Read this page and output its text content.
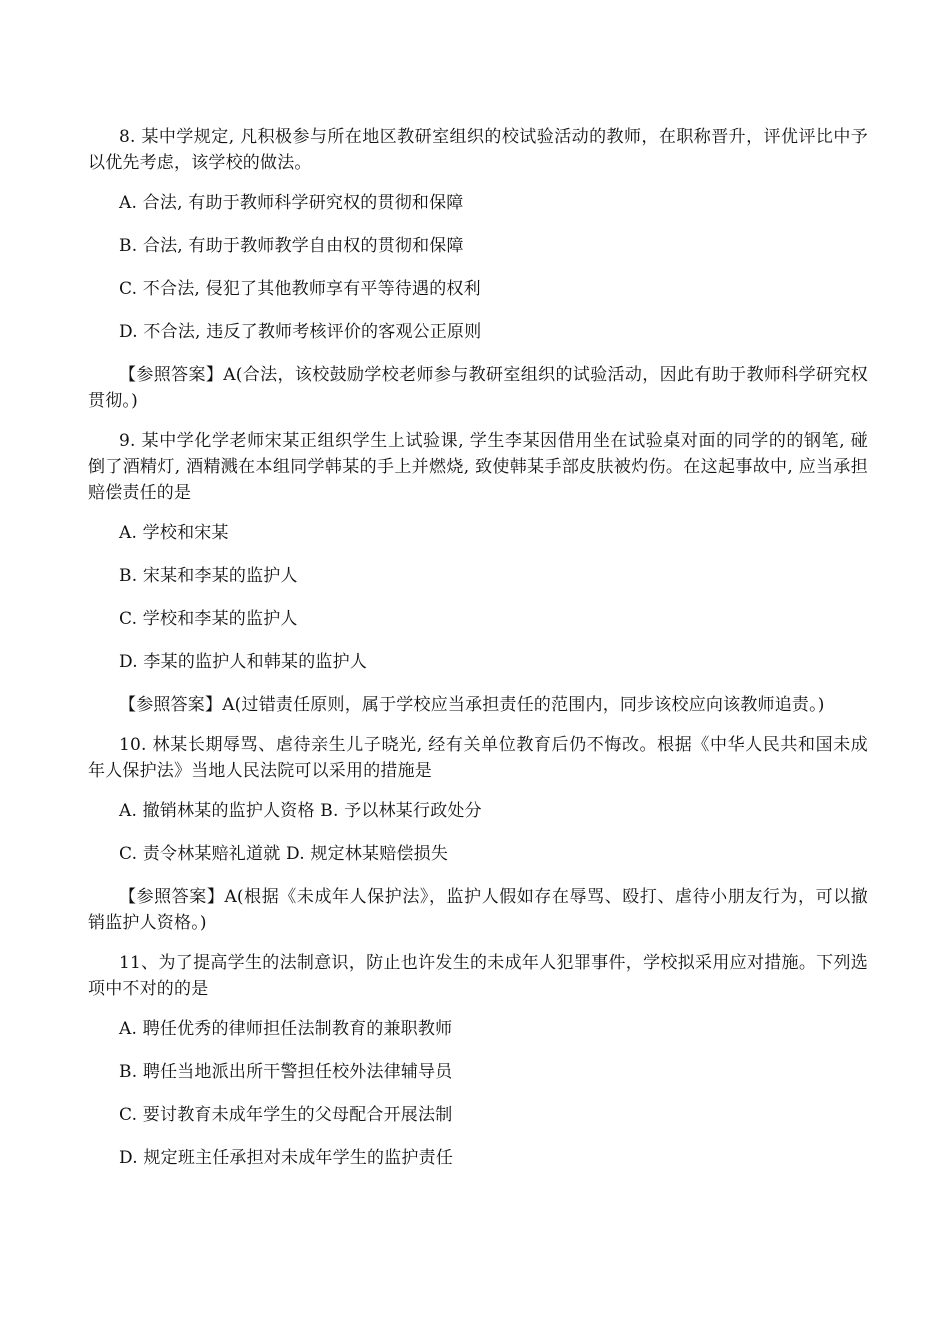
8. 某中学规定, 凡积极参与所在地区教研室组织的校试验活动的教师，在职称晋升，评优评比中予以优先考虑，该学校的做法。

A. 合法, 有助于教师科学研究权的贯彻和保障

B. 合法, 有助于教师教学自由权的贯彻和保障

C. 不合法, 侵犯了其他教师享有平等待遇的权利

D. 不合法, 违反了教师考核评价的客观公正原则

【参照答案】A(合法，该校鼓励学校老师参与教研室组织的试验活动，因此有助于教师科学研究权贯彻。)

9. 某中学化学老师宋某正组织学生上试验课, 学生李某因借用坐在试验桌对面的同学的的钢笔, 碰倒了酒精灯, 酒精溅在本组同学韩某的手上并燃烧, 致使韩某手部皮肤被灼伤。在这起事故中, 应当承担赔偿责任的是

A. 学校和宋某

B. 宋某和李某的监护人

C. 学校和李某的监护人

D. 李某的监护人和韩某的监护人

【参照答案】A(过错责任原则，属于学校应当承担责任的范围内，同步该校应向该教师追责。)

10. 林某长期辱骂、虐待亲生儿子晓光, 经有关单位教育后仍不悔改。根据《中华人民共和国未成年人保护法》当地人民法院可以采用的措施是

A. 撤销林某的监护人资格 B. 予以林某行政处分

C. 责令林某赔礼道就 D. 规定林某赔偿损失

【参照答案】A(根据《未成年人保护法》，监护人假如存在辱骂、殴打、虐待小朋友行为，可以撤销监护人资格。)

11、为了提高学生的法制意识，防止也许发生的未成年人犯罪事件，学校拟采用应对措施。下列选项中不对的的是

A. 聘任优秀的律师担任法制教育的兼职教师

B. 聘任当地派出所干警担任校外法律辅导员

C. 要讨教育未成年学生的父母配合开展法制

D. 规定班主任承担对未成年学生的监护责任
